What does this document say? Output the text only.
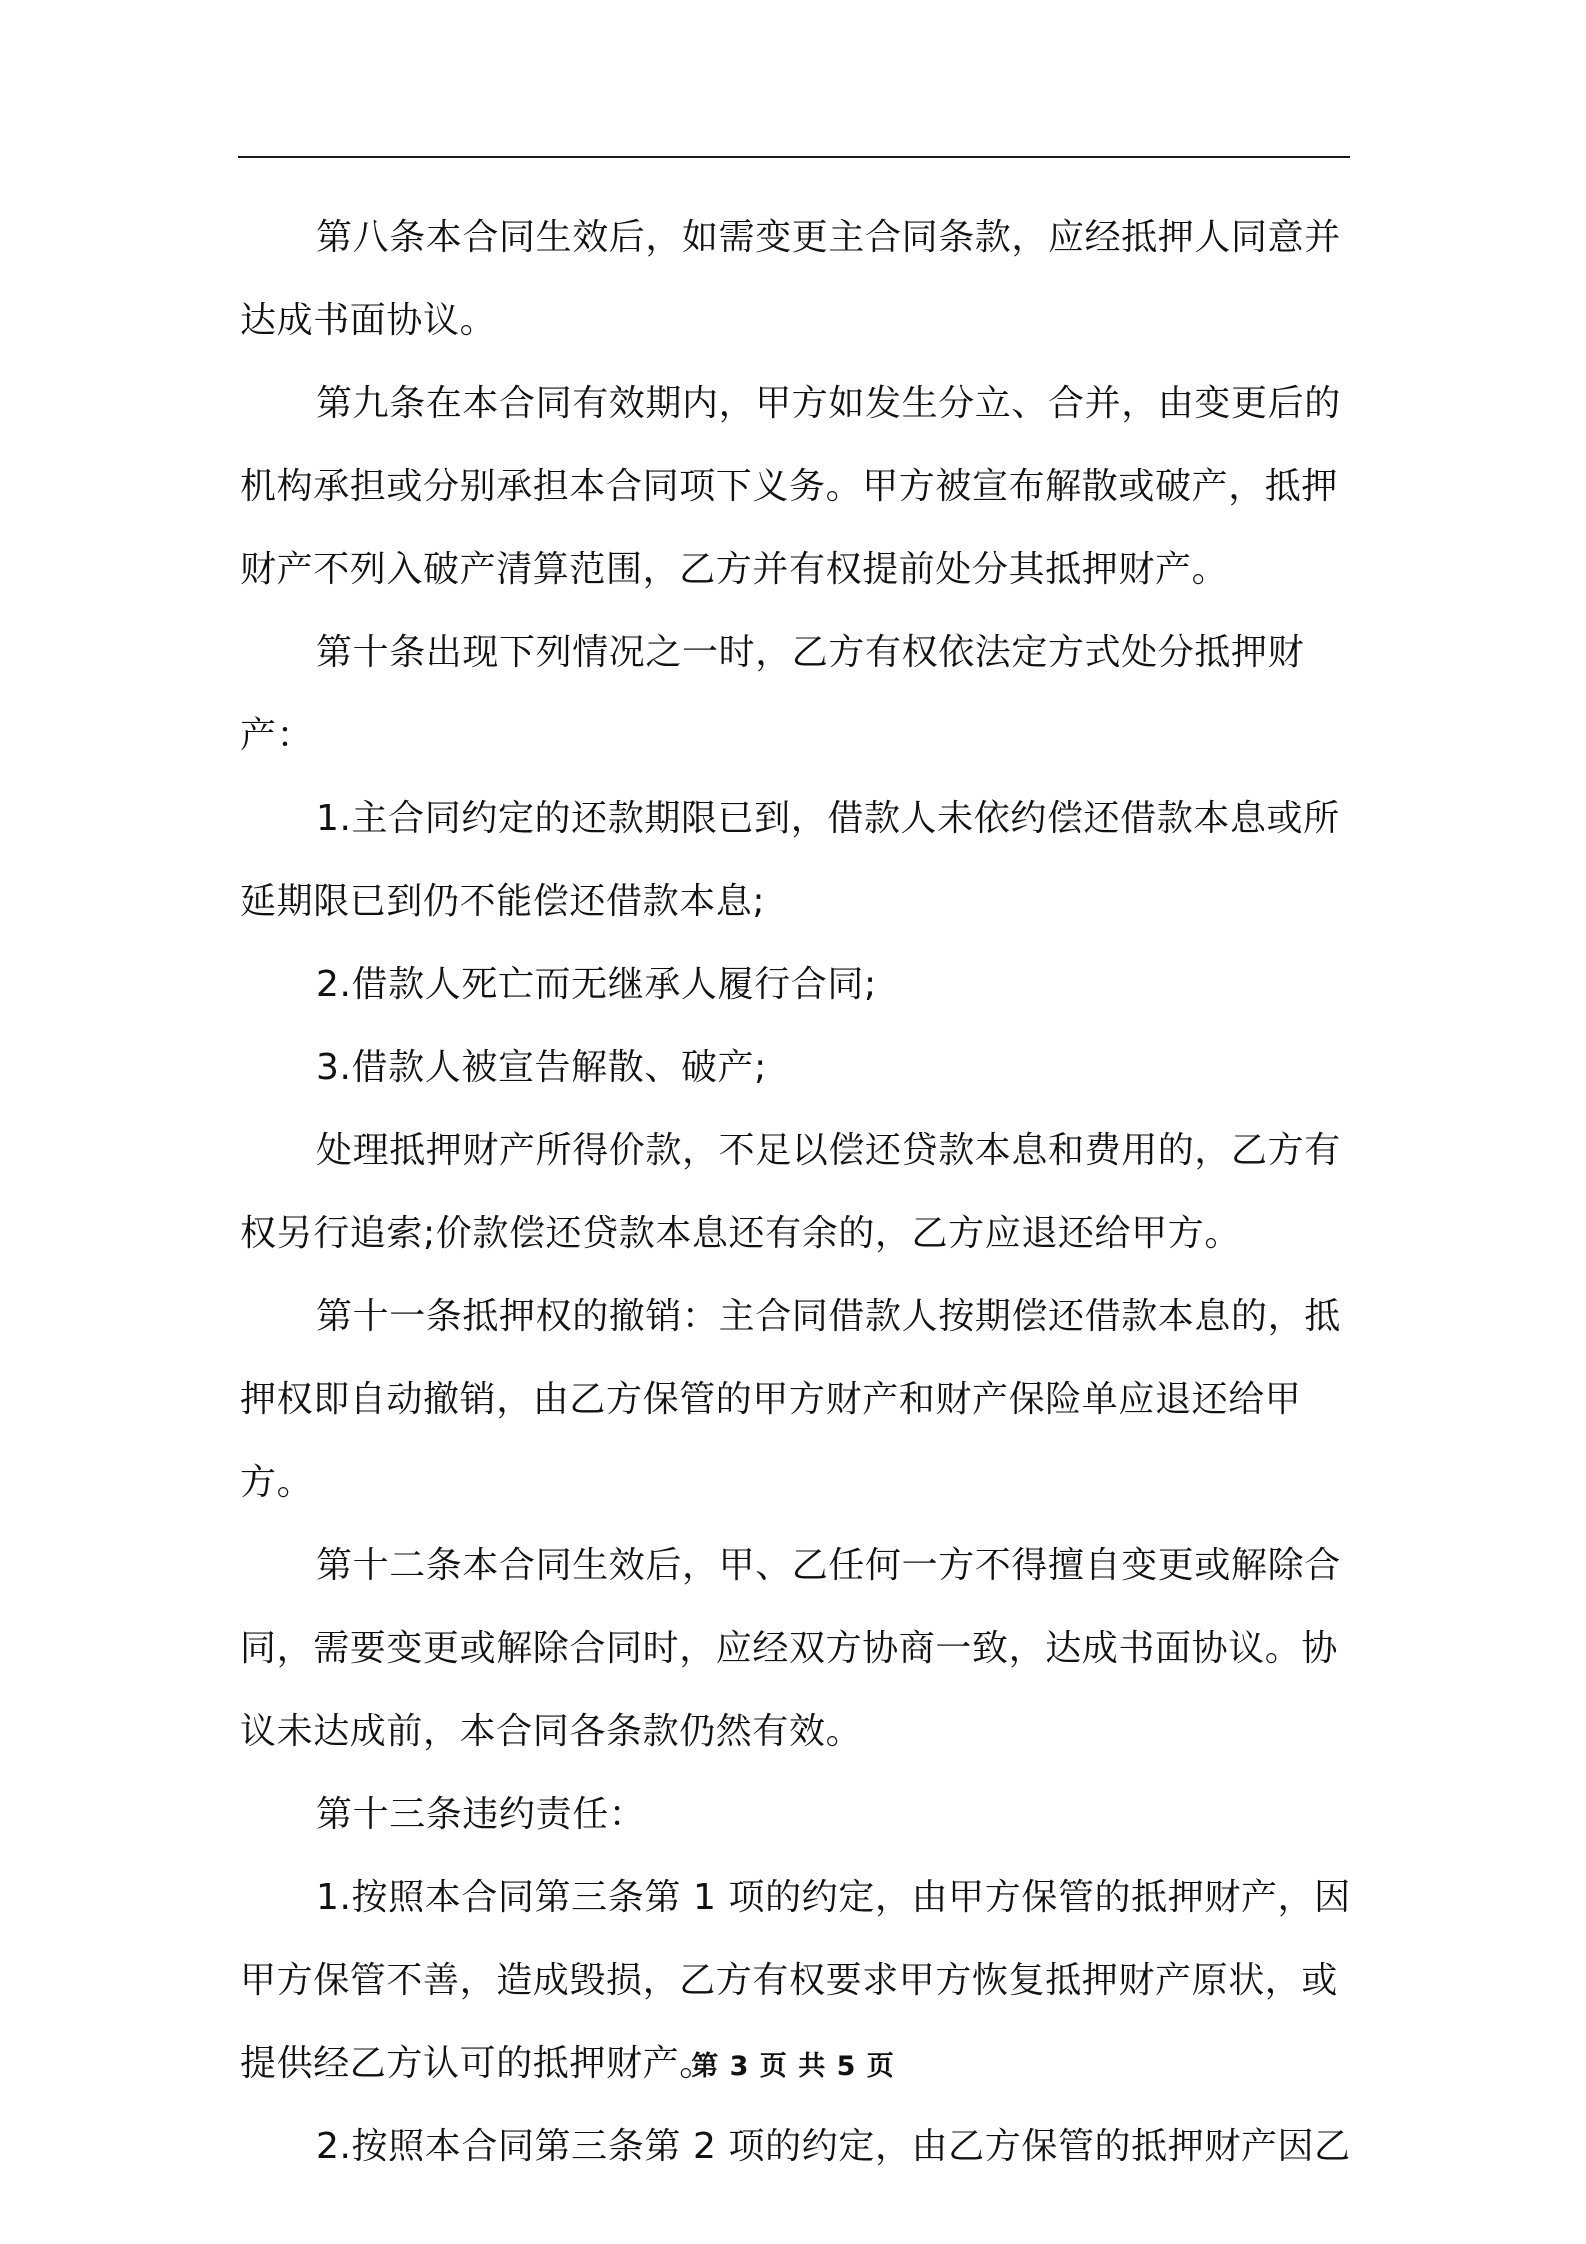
第八条本合同生效后，如需变更主合同条款，应经抵押人同意并达成书面协议。

第九条在本合同有效期内，甲方如发生分立、合并，由变更后的机构承担或分别承担本合同项下义务。甲方被宣布解散或破产，抵押财产不列入破产清算范围，乙方并有权提前处分其抵押财产。

第十条出现下列情况之一时，乙方有权依法定方式处分抵押财产：

1.主合同约定的还款期限已到，借款人未依约偿还借款本息或所延期限已到仍不能偿还借款本息;

2.借款人死亡而无继承人履行合同;

3.借款人被宣告解散、破产;

处理抵押财产所得价款，不足以偿还贷款本息和费用的，乙方有权另行追索;价款偿还贷款本息还有余的，乙方应退还给甲方。

第十一条抵押权的撤销：主合同借款人按期偿还借款本息的，抵押权即自动撤销，由乙方保管的甲方财产和财产保险单应退还给甲方。

第十二条本合同生效后，甲、乙任何一方不得擅自变更或解除合同，需要变更或解除合同时，应经双方协商一致，达成书面协议。协议未达成前，本合同各条款仍然有效。

第十三条违约责任：

1.按照本合同第三条第 1 项的约定，由甲方保管的抵押财产，因甲方保管不善，造成毁损，乙方有权要求甲方恢复抵押财产原状，或提供经乙方认可的抵押财产。

2.按照本合同第三条第 2 项的约定，由乙方保管的抵押财产因乙

第 3 页 共 5 页
